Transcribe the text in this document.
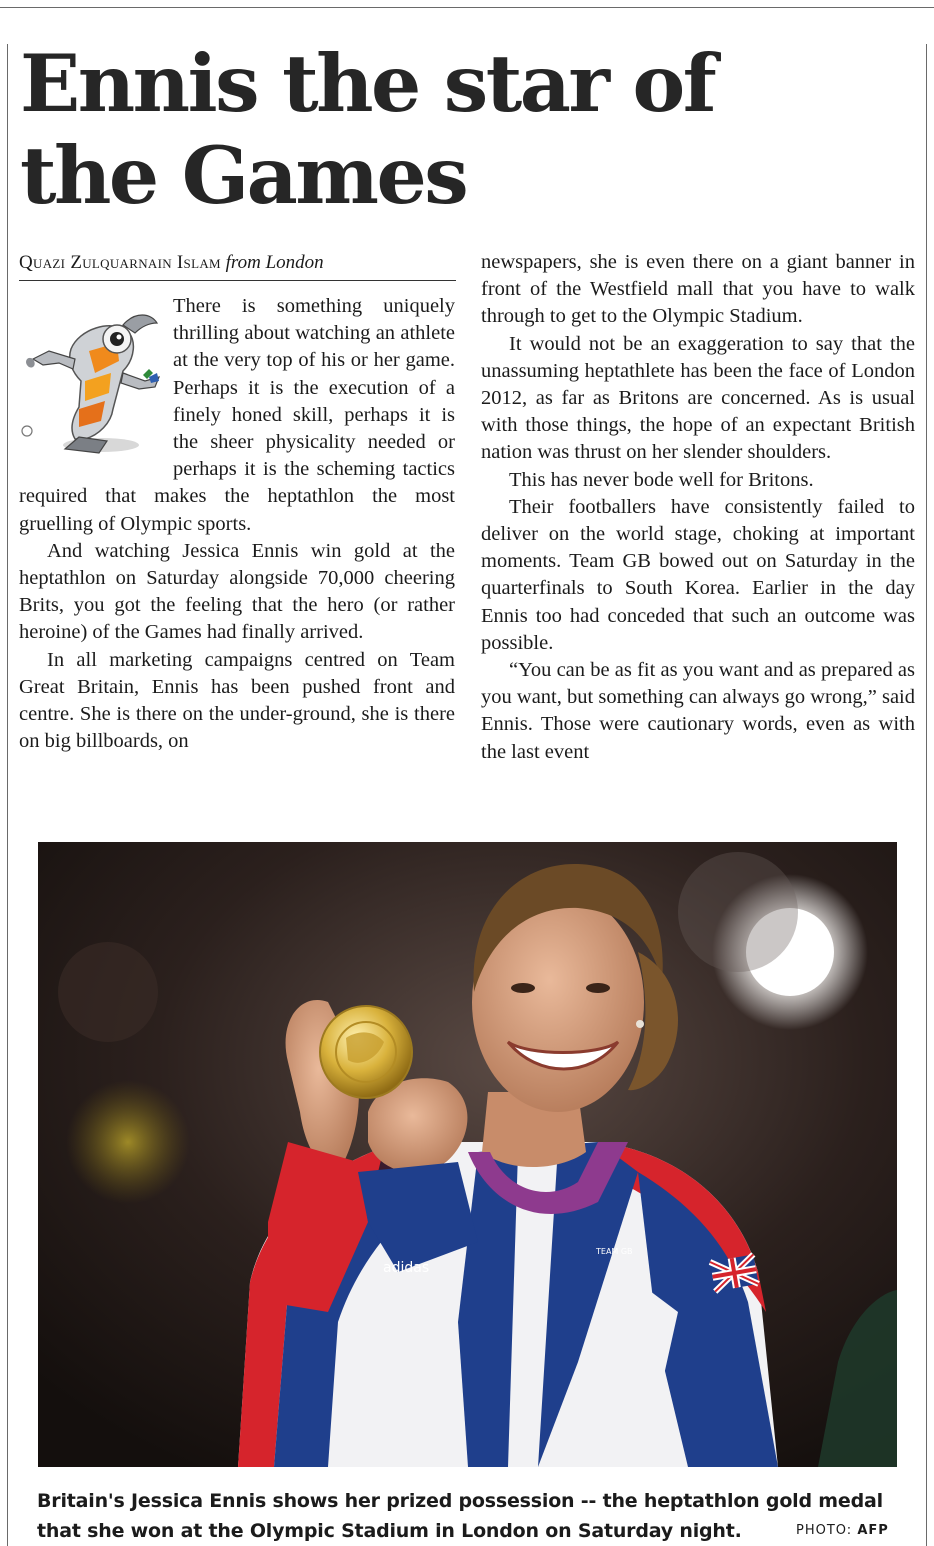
Ennis the star of
the Games
Quazi Zulquarnain Islam from London

There is something uniquely thrilling about watching an athlete at the very top of his or her game. Perhaps it is the execution of a finely honed skill, perhaps it is the sheer physicality needed or perhaps it is the scheming tactics required that makes the heptathlon the most gruelling of Olympic sports.

And watching Jessica Ennis win gold at the heptathlon on Saturday alongside 70,000 cheering Brits, you got the feeling that the hero (or rather heroine) of the Games had finally arrived.

In all marketing campaigns centred on Team Great Britain, Ennis has been pushed front and centre. She is there on the under-ground, she is there on big billboards, on

newspapers, she is even there on a giant banner in front of the Westfield mall that you have to walk through to get to the Olympic Stadium.

It would not be an exaggeration to say that the unassuming heptathlete has been the face of London 2012, as far as Britons are concerned. As is usual with those things, the hope of an expectant British nation was thrust on her slender shoulders.

This has never bode well for Britons.

Their footballers have consistently failed to deliver on the world stage, choking at important moments. Team GB bowed out on Saturday in the quarterfinals to South Korea. Earlier in the day Ennis too had conceded that such an outcome was possible.

“You can be as fit as you want and as prepared as you want, but something can always go wrong,” said Ennis. Those were cautionary words, even as with the last event

adidas
TEAM GB
Britain's Jessica Ennis shows her prized possession -- the heptathlon gold medal
that she won at the Olympic Stadium in London on Saturday night.	PHOTO: AFP
